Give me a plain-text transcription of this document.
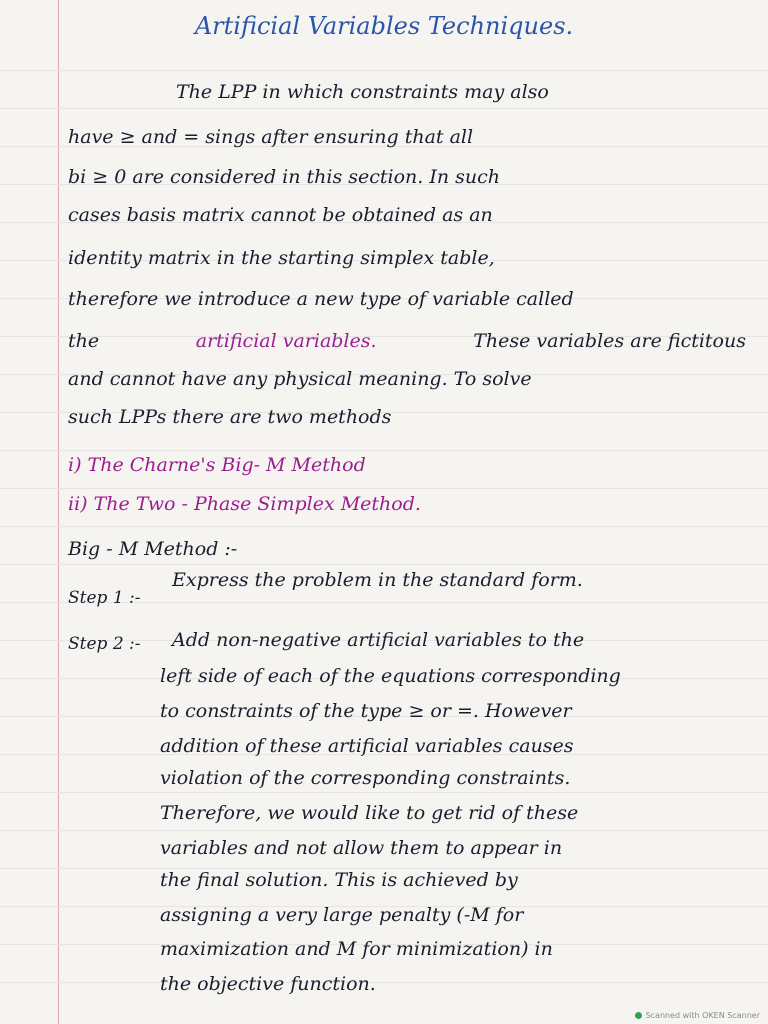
Artificial Variables Techniques.
The LPP in which constraints may also
have ≥ and = sings after ensuring that all
bi ≥ 0 are considered in this section. In such
cases basis matrix cannot be obtained as an
identity matrix in the starting simplex table,
therefore we introduce a new type of variable called
the	artificial variables.	These variables are fictitous
and cannot have any physical meaning. To solve
such LPPs there are two methods
i) The Charne's Big- M Method
ii) The Two - Phase Simplex Method.
Big - M Method :-
Step 1 :-
Express the problem in the standard form.
Step 2 :- Add non-negative artificial variables to the
left side of each of the equations corresponding
to constraints of the type ≥ or =. However
addition of these artificial variables causes
violation of the corresponding constraints.
Therefore, we would like to get rid of these
variables and not allow them to appear in
the final solution. This is achieved by
assigning a very large penalty (-M for
maximization and M for minimization) in
the objective function.
Scanned with OKEN Scanner
